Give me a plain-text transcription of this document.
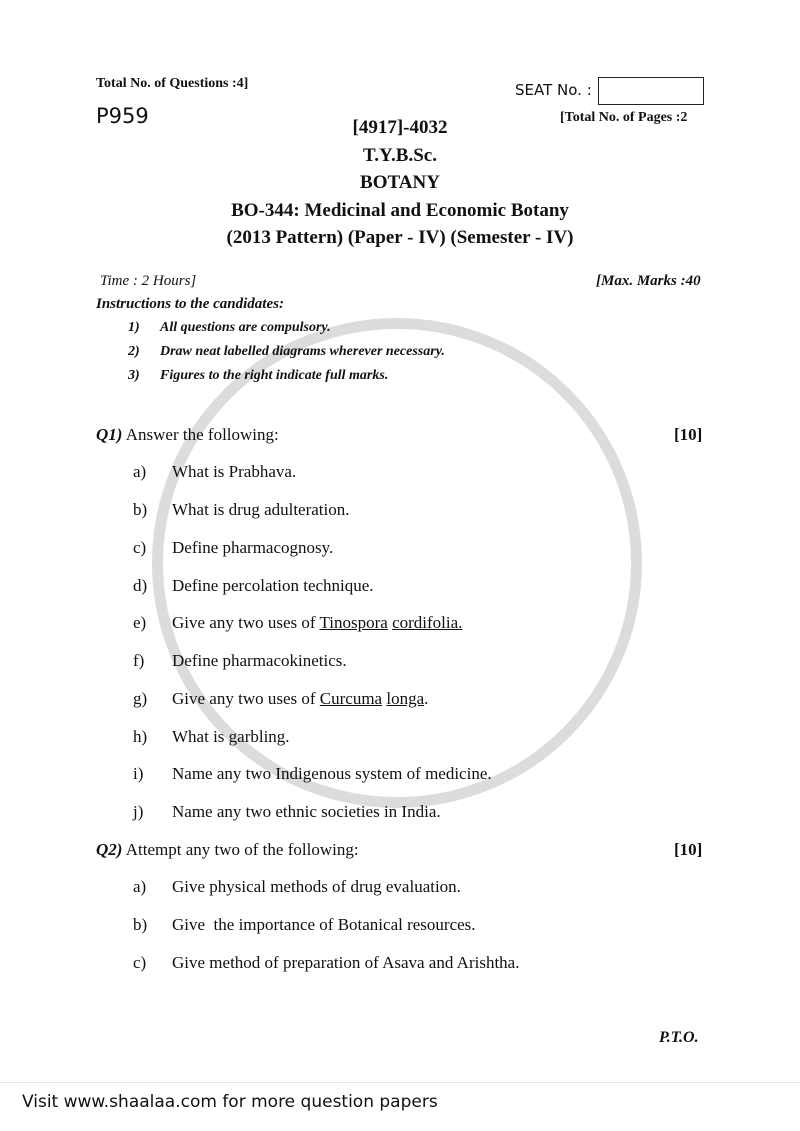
Total No. of Questions :4]
P959
SEAT No. :
[Total No. of Pages :2
[4917]-4032
T.Y.B.Sc.
BOTANY
BO-344: Medicinal and Economic Botany
(2013 Pattern) (Paper - IV) (Semester - IV)
Time : 2 Hours]	[Max. Marks :40
Instructions to the candidates:
1) All questions are compulsory.
2) Draw neat labelled diagrams wherever necessary.
3) Figures to the right indicate full marks.
Q1) Answer the following:	[10]
a) What is Prabhava.
b) What is drug adulteration.
c) Define pharmacognosy.
d) Define percolation technique.
e) Give any two uses of Tinospora cordifolia.
f) Define pharmacokinetics.
g) Give any two uses of Curcuma longa.
h) What is garbling.
i) Name any two Indigenous system of medicine.
j) Name any two ethnic societies in India.
Q2) Attempt any two of the following:	[10]
a) Give physical methods of drug evaluation.
b) Give  the importance of Botanical resources.
c) Give method of preparation of Asava and Arishtha.
P.T.O.
Visit www.shaalaa.com for more question papers
